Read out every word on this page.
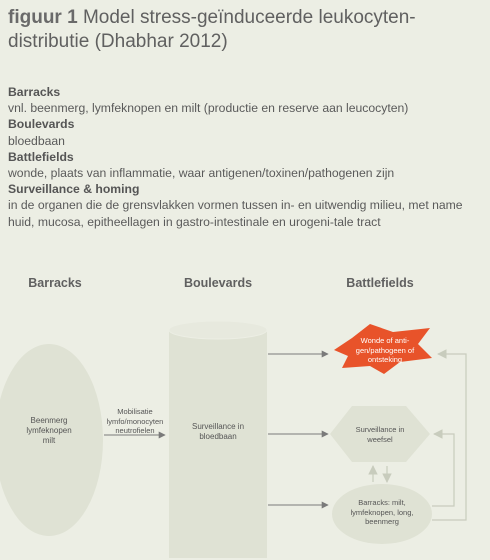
figuur 1 Model stress-geïnduceerde leukocyten-distributie (Dhabhar 2012)
Barracks
vnl. beenmerg, lymfeknopen en milt (productie en reserve aan leucocyten)
Boulevards
bloedbaan
Battlefields
wonde, plaats van inflammatie, waar antigenen/toxinen/pathogenen zijn
Surveillance & homing
in de organen die de grensvlakken vormen tussen in- en uitwendig milieu, met name huid, mucosa, epitheellagen in gastro-intestinale en urogeni-tale tract
Barracks	Boulevards	Battlefields
Beenmerg lymfeknopen milt
Mobilisatie lymfo/monocyten neutrofielen	Surveillance in bloedbaan
Wonde of anti-gen/pathogeen of ontsteking
Surveillance in weefsel
Barracks: milt, lymfeknopen, long, beenmerg
